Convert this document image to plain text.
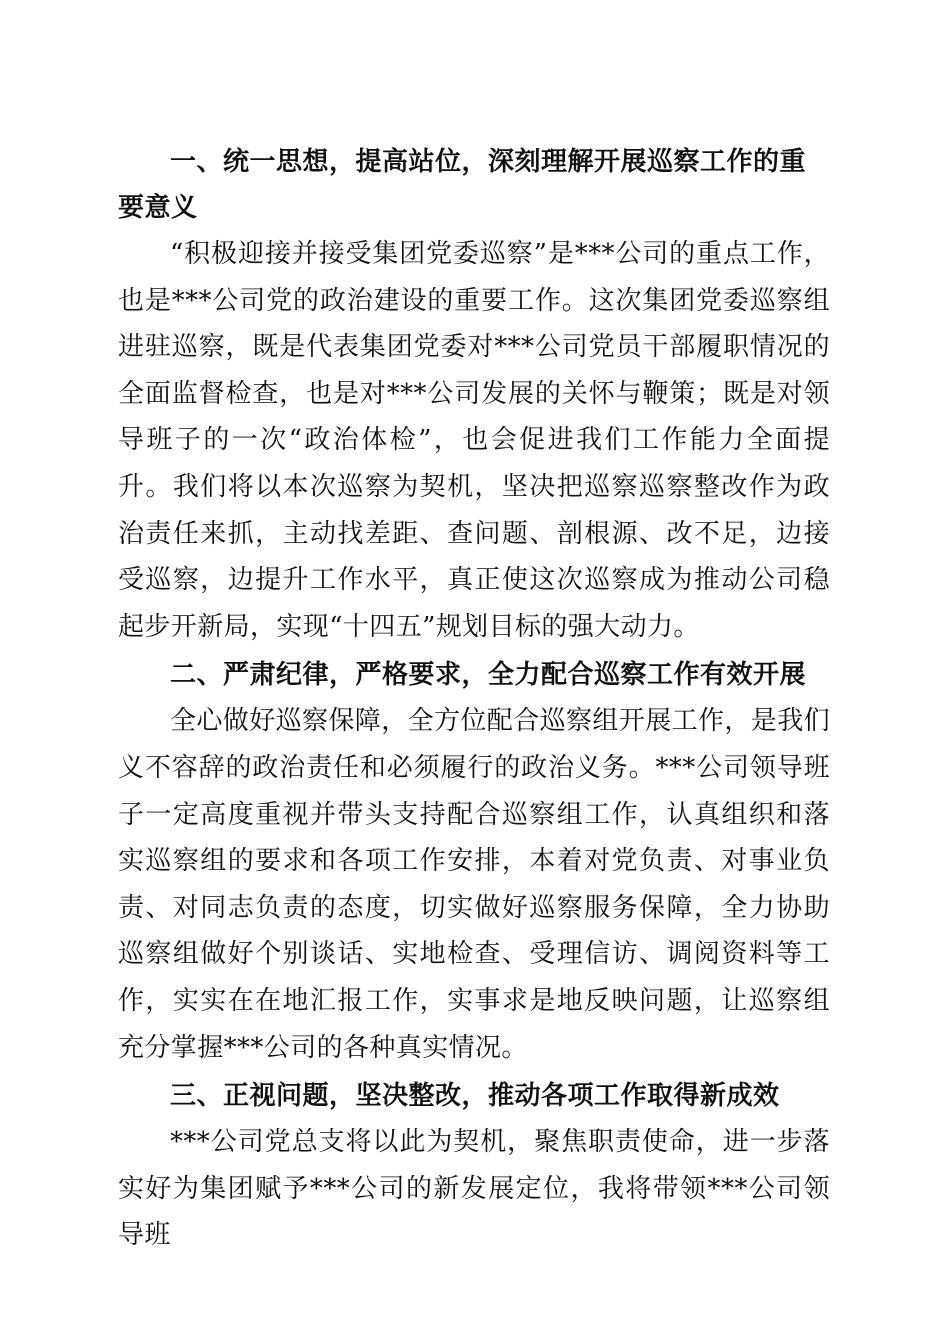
一、统一思想，提高站位，深刻理解开展巡察工作的重要意义

“积极迎接并接受集团党委巡察”是***公司的重点工作，也是***公司党的政治建设的重要工作。这次集团党委巡察组进驻巡察，既是代表集团党委对***公司党员干部履职情况的全面监督检查，也是对***公司发展的关怀与鞭策；既是对领导班子的一次“政治体检”，也会促进我们工作能力全面提升。我们将以本次巡察为契机，坚决把巡察巡察整改作为政治责任来抓，主动找差距、查问题、剖根源、改不足，边接受巡察，边提升工作水平，真正使这次巡察成为推动公司稳起步开新局，实现“十四五”规划目标的强大动力。

二、严肃纪律，严格要求，全力配合巡察工作有效开展

全心做好巡察保障，全方位配合巡察组开展工作，是我们义不容辞的政治责任和必须履行的政治义务。***公司领导班子一定高度重视并带头支持配合巡察组工作，认真组织和落实巡察组的要求和各项工作安排，本着对党负责、对事业负责、对同志负责的态度，切实做好巡察服务保障，全力协助巡察组做好个别谈话、实地检查、受理信访、调阅资料等工作，实实在在地汇报工作，实事求是地反映问题，让巡察组充分掌握***公司的各种真实情况。

三、正视问题，坚决整改，推动各项工作取得新成效

***公司党总支将以此为契机，聚焦职责使命，进一步落实好为集团赋予***公司的新发展定位，我将带领***公司领导班
